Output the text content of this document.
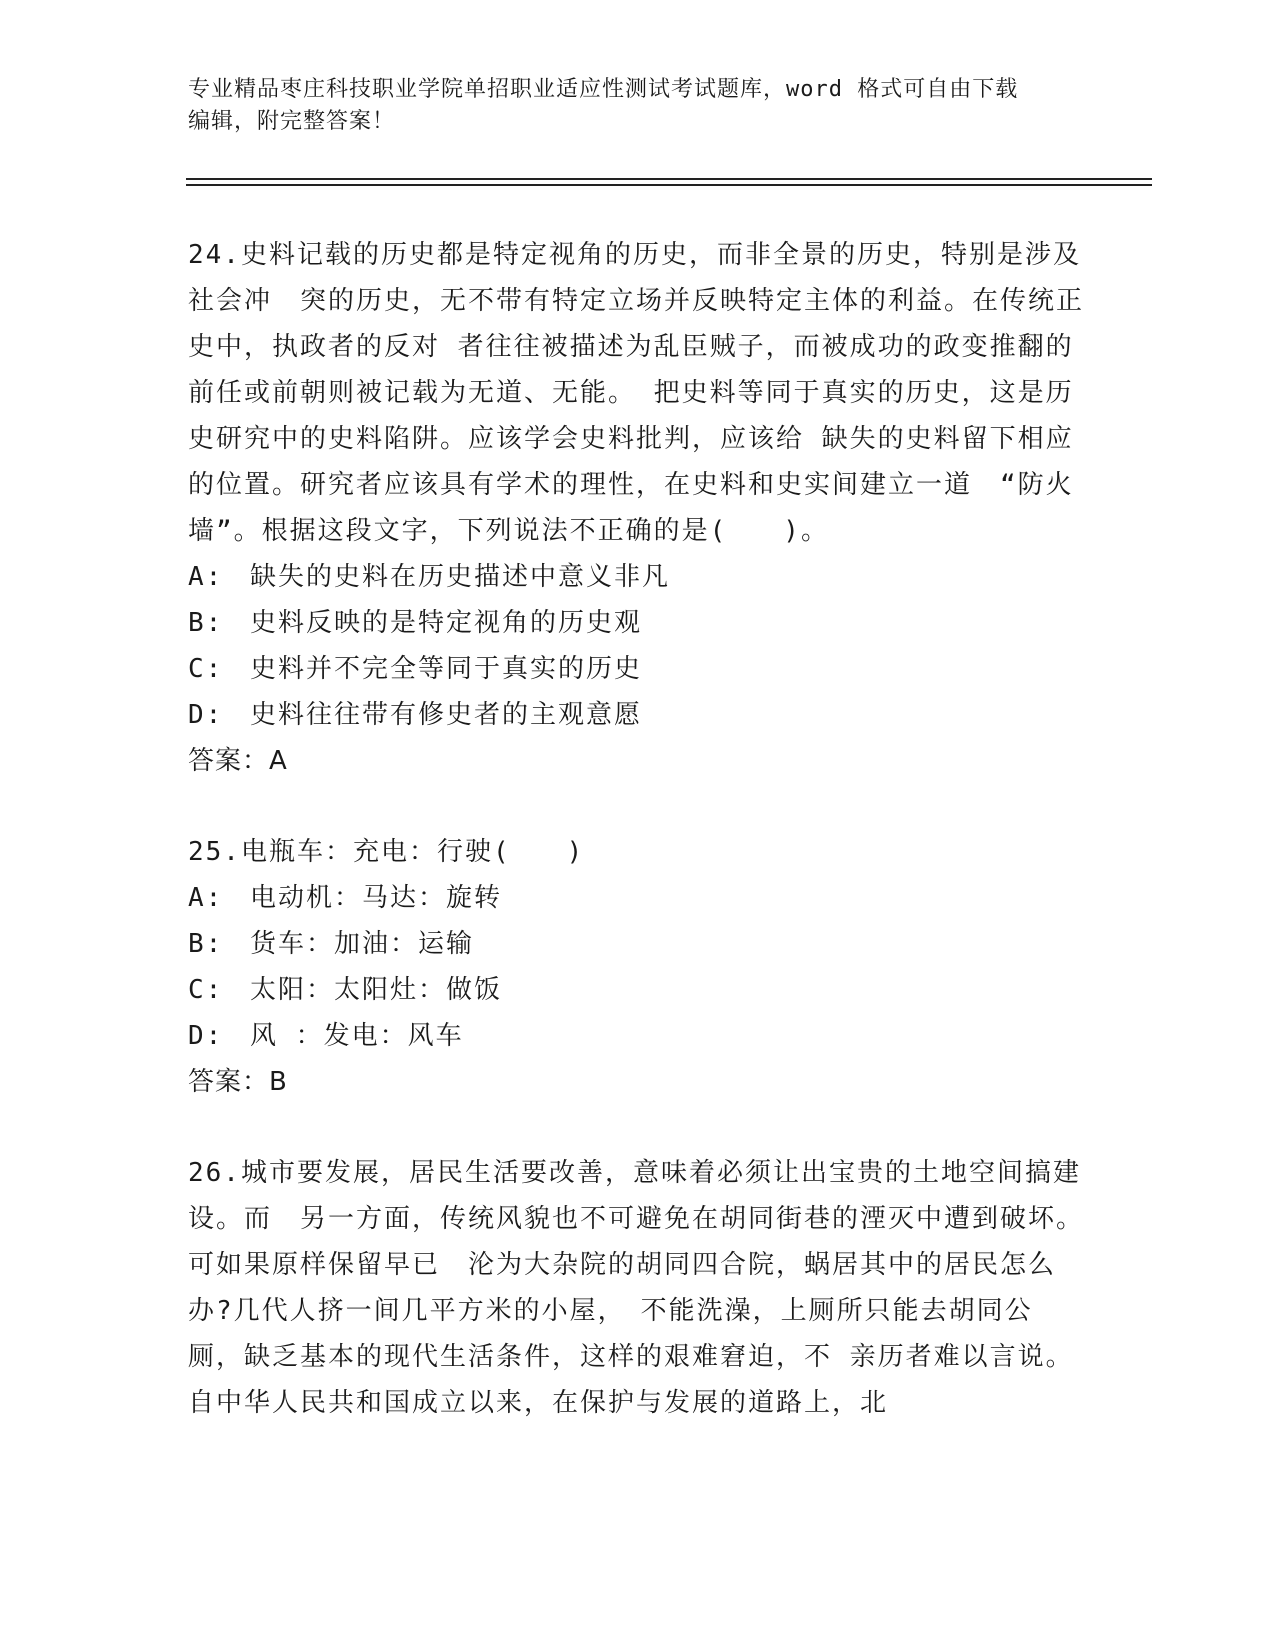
专业精品枣庄科技职业学院单招职业适应性测试考试题库，word 格式可自由下载
编辑，附完整答案！

24.史料记载的历史都是特定视角的历史，而非全景的历史，特别是涉及社会冲　突的历史，无不带有特定立场并反映特定主体的利益。在传统正史中，执政者的反对 者往往被描述为乱臣贼子，而被成功的政变推翻的前任或前朝则被记载为无道、无能。 把史料等同于真实的历史，这是历史研究中的史料陷阱。应该学会史料批判，应该给 缺失的史料留下相应的位置。研究者应该具有学术的理性，在史料和史实间建立一道　“防火墙”。根据这段文字，下列说法不正确的是(　　)。

A: 缺失的史料在历史描述中意义非凡

B: 史料反映的是特定视角的历史观

C: 史料并不完全等同于真实的历史

D: 史料往往带有修史者的主观意愿

答案：A

25.电瓶车：充电：行驶(　　)

A: 电动机：马达：旋转

B: 货车：加油：运输

C: 太阳：太阳灶：做饭

D: 风 ：发电：风车

答案：B

26.城市要发展，居民生活要改善，意味着必须让出宝贵的土地空间搞建设。而　另一方面，传统风貌也不可避免在胡同街巷的湮灭中遭到破坏。可如果原样保留早已　沦为大杂院的胡同四合院，蜗居其中的居民怎么办?几代人挤一间几平方米的小屋，　不能洗澡，上厕所只能去胡同公厕，缺乏基本的现代生活条件，这样的艰难窘迫，不 亲历者难以言说。自中华人民共和国成立以来，在保护与发展的道路上，北
